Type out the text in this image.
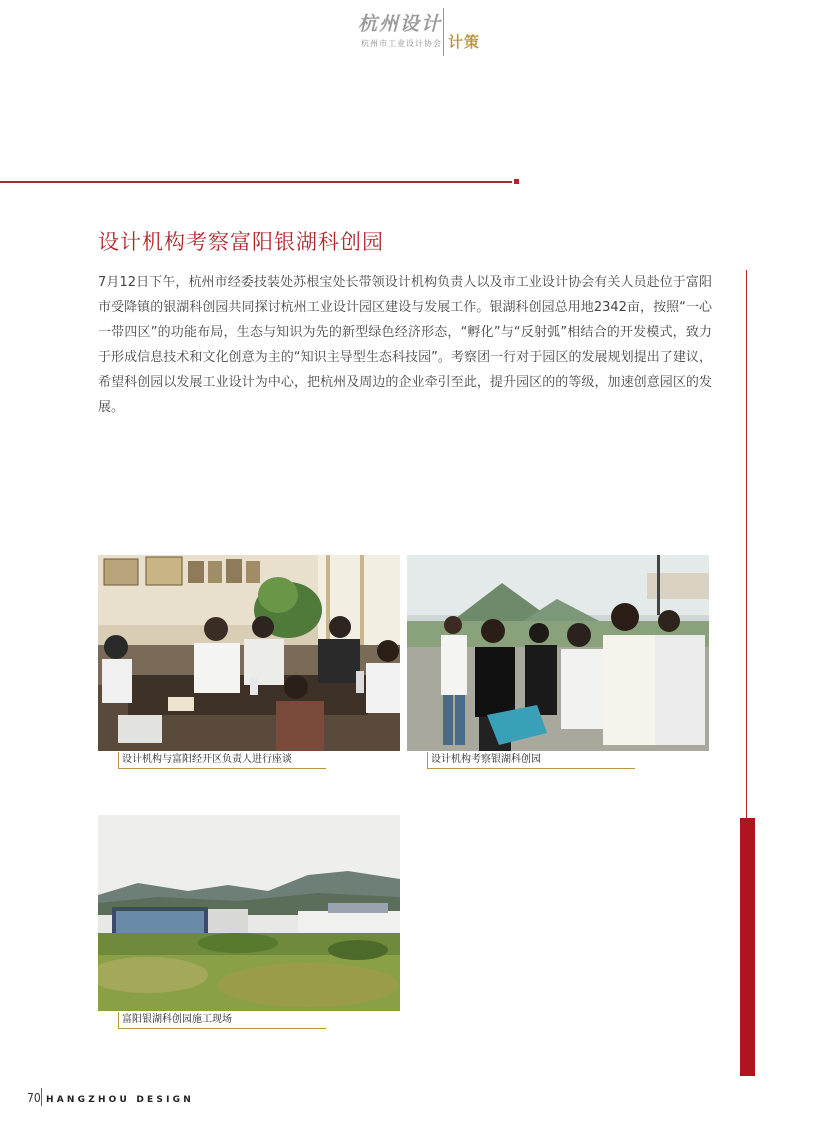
杭州设计
杭州市工业设计协会 计策
设计机构考察富阳银湖科创园

7月12日下午，杭州市经委技装处苏根宝处长带领设计机构负责人以及市工业设计协会有关人员赴位于富阳市受降镇的银湖科创园共同探讨杭州工业设计园区建设与发展工作。银湖科创园总用地2342亩，按照“一心一带四区”的功能布局，生态与知识为先的新型绿色经济形态，“孵化”与“反射弧”相结合的开发模式，致力于形成信息技术和文化创意为主的“知识主导型生态科技园”。考察团一行对于园区的发展规划提出了建议，希望科创园以发展工业设计为中心，把杭州及周边的企业牵引至此，提升园区的的等级，加速创意园区的发展。

设计机构与富阳经开区负责人进行座谈	设计机构考察银湖科创园
富阳银湖科创园施工现场
70 HANGZHOU DESIGN
